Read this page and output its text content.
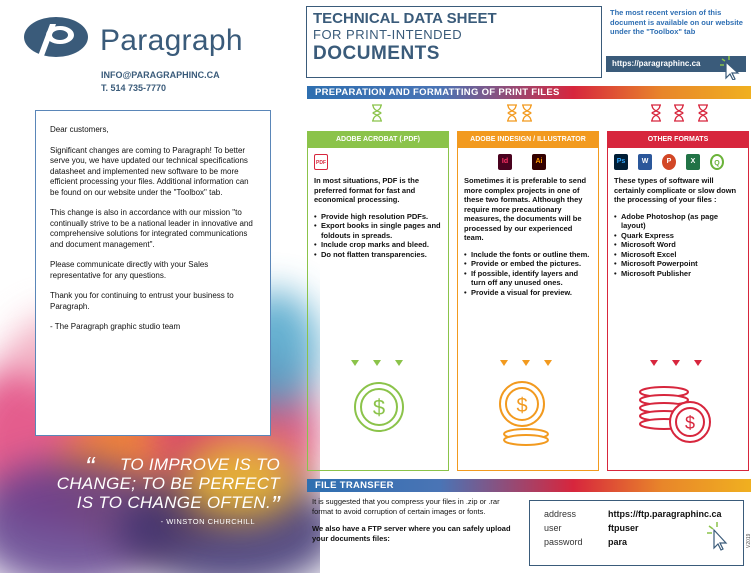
Paragraph
INFO@PARAGRAPHINC.CA
T. 514 735-7770

Dear customers,

Significant changes are coming to Paragraph! To better serve you, we have updated our technical specifications datasheet and implemented new software to be more efficient processing your files. Additional information can be found on our website under the "Toolbox" tab.

This change is also in accordance with our mission "to continually strive to be a national leader in innovative and comprehensive solutions for integrated communications and document management".

Please communicate directly with your Sales representative for any questions.

Thank you for continuing to entrust your business to Paragraph.

- The Paragraph graphic studio team

“	TO IMPROVE IS TO
CHANGE; TO BE PERFECT
IS TO CHANGE OFTEN.”
- WINSTON CHURCHILL
TECHNICAL DATA SHEET
FOR PRINT-INTENDED
DOCUMENTS
The most recent version of this document is available on our website under the "Toolbox" tab
https://paragraphinc.ca
PREPARATION AND FORMATTING OF PRINT FILES
ADOBE ACROBAT (.PDF)
PDF

In most situations, PDF is the preferred format for fast and economical processing.

• Provide high resolution PDFs.
• Export books in single pages and foldouts in spreads.
• Include crop marks and bleed.
• Do not flatten transparencies.
ADOBE INDESIGN / ILLUSTRATOR
Id	Ai

Sometimes it is preferable to send more complex projects in one of these two formats. Although they require more precautionary measures, the documents will be processed by our experienced team.

• Include the fonts or outline them.
• Provide or embed the pictures.
• If possible, identify layers and turn off any unused ones.
• Provide a visual for preview.
OTHER FORMATS
Ps	W	P	X	Q

These types of software will certainly complicate or slow down the processing of your files :

• Adobe Photoshop (as page layout)
• Quark Express
• Microsoft Word
• Microsoft Excel
• Microsoft Powerpoint
• Microsoft Publisher
$	$
$
FILE TRANSFER

It is suggested that you compress your files in .zip or .rar format to avoid corruption of certain images or fonts.

We also have a FTP server where you can safely upload your documents files:

address	https://ftp.paragraphinc.ca
user	ftpuser
password	para	V2019
